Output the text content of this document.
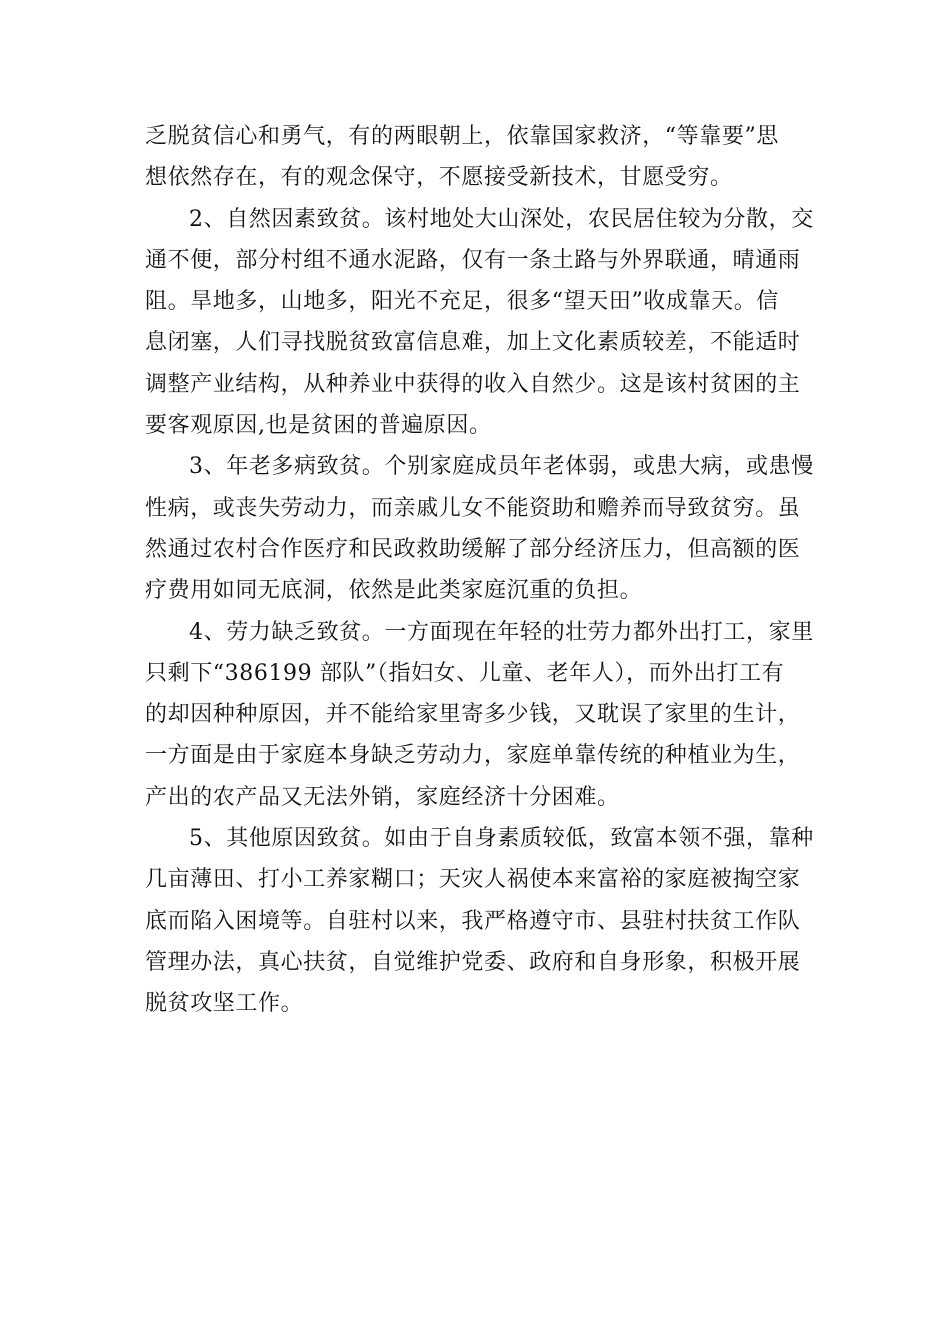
乏脱贫信心和勇气，有的两眼朝上，依靠国家救济，“等靠要”思
想依然存在，有的观念保守，不愿接受新技术，甘愿受穷。
2、自然因素致贫。该村地处大山深处，农民居住较为分散，交
通不便，部分村组不通水泥路，仅有一条土路与外界联通，晴通雨
阻。旱地多，山地多，阳光不充足，很多“望天田”收成靠天。信
息闭塞，人们寻找脱贫致富信息难，加上文化素质较差，不能适时
调整产业结构，从种养业中获得的收入自然少。这是该村贫困的主
要客观原因,也是贫困的普遍原因。
3、年老多病致贫。个别家庭成员年老体弱，或患大病，或患慢
性病，或丧失劳动力，而亲戚儿女不能资助和赡养而导致贫穷。虽
然通过农村合作医疗和民政救助缓解了部分经济压力，但高额的医
疗费用如同无底洞，依然是此类家庭沉重的负担。
4、劳力缺乏致贫。一方面现在年轻的壮劳力都外出打工，家里
只剩下“386199 部队”（指妇女、儿童、老年人），而外出打工有
的却因种种原因，并不能给家里寄多少钱，又耽误了家里的生计，
一方面是由于家庭本身缺乏劳动力，家庭单靠传统的种植业为生，
产出的农产品又无法外销，家庭经济十分困难。
5、其他原因致贫。如由于自身素质较低，致富本领不强，靠种
几亩薄田、打小工养家糊口；天灾人祸使本来富裕的家庭被掏空家
底而陷入困境等。自驻村以来，我严格遵守市、县驻村扶贫工作队
管理办法，真心扶贫，自觉维护党委、政府和自身形象，积极开展
脱贫攻坚工作。
